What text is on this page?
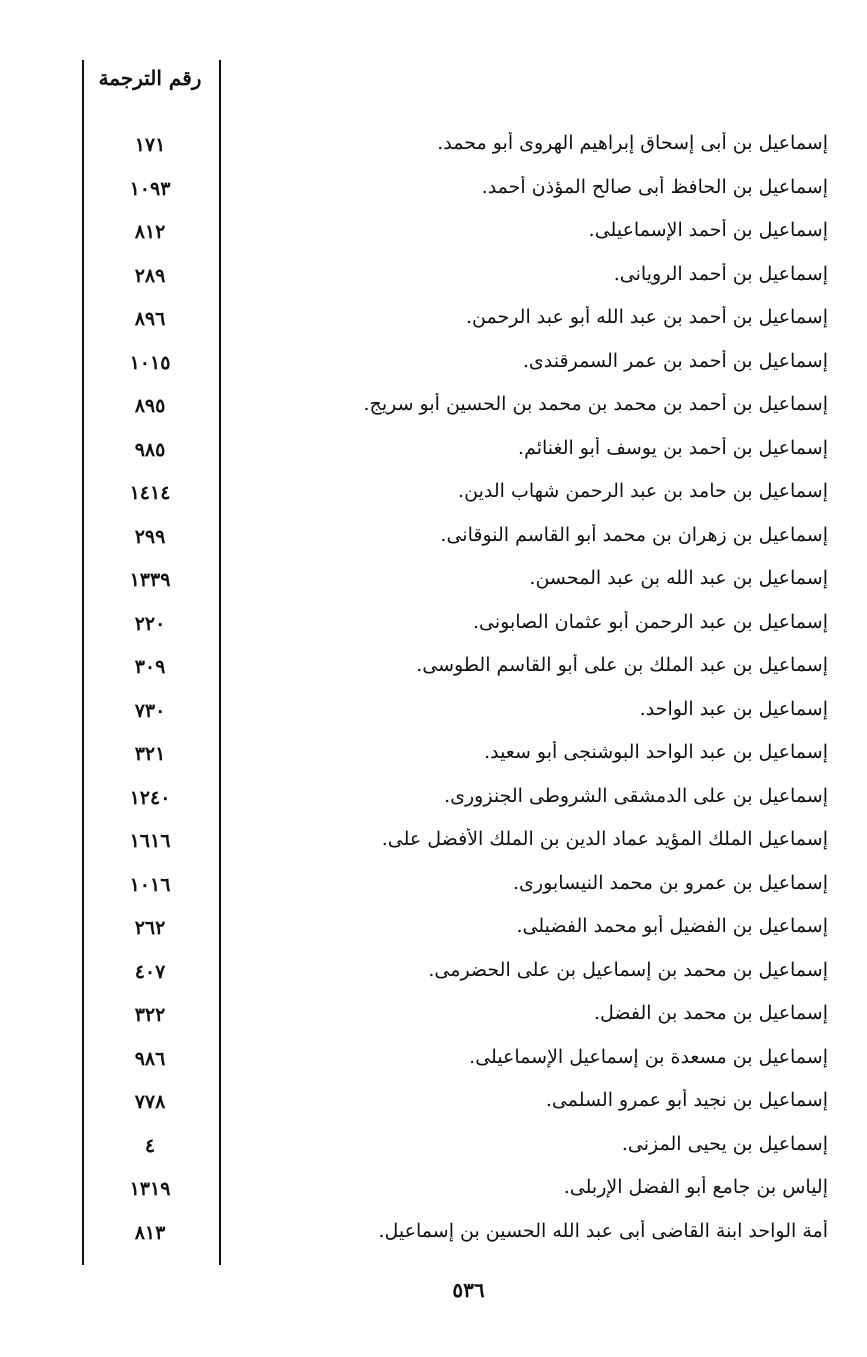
رقم الترجمة
إسماعيل بن أبى إسحاق إبراهيم الهروى أبو محمد.
١٧١
إسماعيل بن الحافظ أبى صالح المؤذن أحمد.
١٠٩٣
إسماعيل بن أحمد الإسماعيلى.
٨١٢
إسماعيل بن أحمد الرويانى.
٢٨٩
إسماعيل بن أحمد بن عبد الله أبو عبد الرحمن.
٨٩٦
إسماعيل بن أحمد بن عمر السمرقندى.
١٠١٥
إسماعيل بن أحمد بن محمد بن محمد بن الحسين أبو سريج.
٨٩٥
إسماعيل بن أحمد بن يوسف أبو الغنائم.
٩٨٥
إسماعيل بن حامد بن عبد الرحمن شهاب الدين.
١٤١٤
إسماعيل بن زهران بن محمد أبو القاسم النوقانى.
٢٩٩
إسماعيل بن عبد الله بن عبد المحسن.
١٣٣٩
إسماعيل بن عبد الرحمن أبو عثمان الصابونى.
٢٢٠
إسماعيل بن عبد الملك بن على أبو القاسم الطوسى.
٣٠٩
إسماعيل بن عبد الواحد.
٧٣٠
إسماعيل بن عبد الواحد البوشنجى أبو سعيد.
٣٢١
إسماعيل بن على الدمشقى الشروطى الجنزورى.
١٢٤٠
إسماعيل الملك المؤيد عماد الدين بن الملك الأفضل على.
١٦١٦
إسماعيل بن عمرو بن محمد النيسابورى.
١٠١٦
إسماعيل بن الفضيل أبو محمد الفضيلى.
٢٦٢
إسماعيل بن محمد بن إسماعيل بن على الحضرمى.
٤٠٧
إسماعيل بن محمد بن الفضل.
٣٢٢
إسماعيل بن مسعدة بن إسماعيل الإسماعيلى.
٩٨٦
إسماعيل بن نجيد أبو عمرو السلمى.
٧٧٨
إسماعيل بن يحيى المزنى.
٤
إلياس بن جامع أبو الفضل الإربلى.
١٣١٩
أمة الواحد ابنة القاضى أبى عبد الله الحسين بن إسماعيل.
٨١٣
٥٣٦
